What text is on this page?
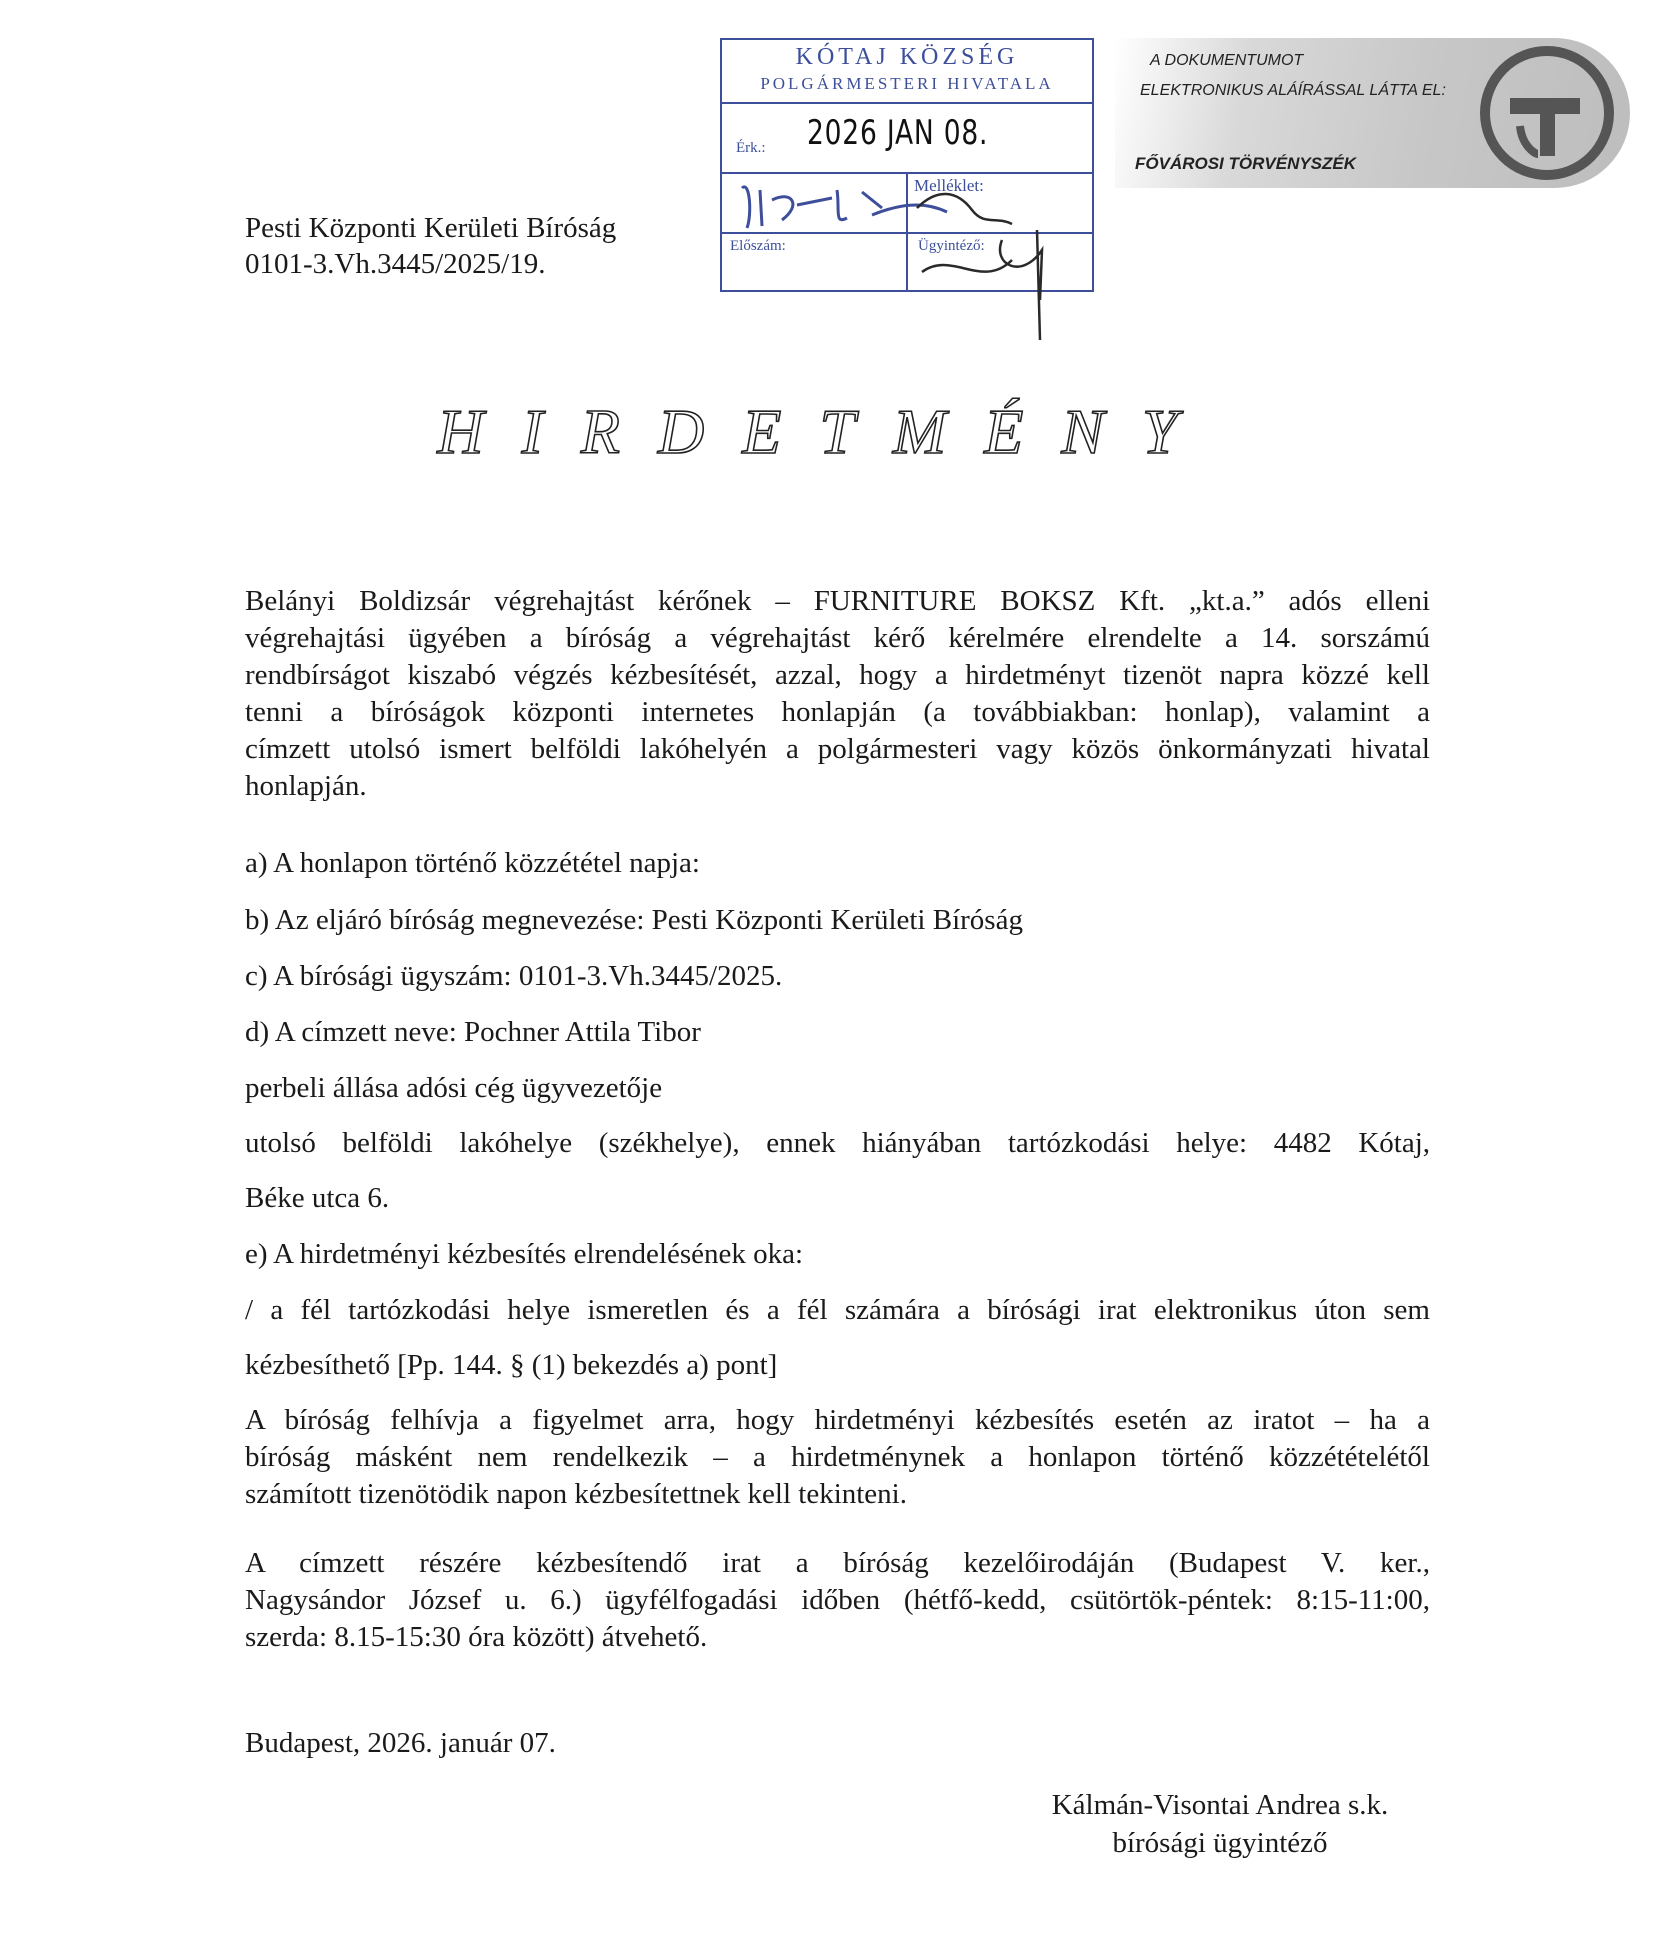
Pesti Központi Kerületi Bíróság
0101-3.Vh.3445/2025/19.
KÓTAJ KÖZSÉG
POLGÁRMESTERI HIVATALA
Érk.: 2026 JAN 08.
Melléklet:
Előszám:	Ügyintéző:
A DOKUMENTUMOT
ELEKTRONIKUS ALÁÍRÁSSAL LÁTTA EL:
FŐVÁROSI TÖRVÉNYSZÉK
HIRDETMÉNY
Belányi Boldizsár végrehajtást kérőnek – FURNITURE BOKSZ Kft. „kt.a.” adós elleni
végrehajtási ügyében a bíróság a végrehajtást kérő kérelmére elrendelte a 14. sorszámú
rendbírságot kiszabó végzés kézbesítését, azzal, hogy a hirdetményt tizenöt napra közzé kell
tenni a bíróságok központi internetes honlapján (a továbbiakban: honlap), valamint a
címzett utolsó ismert belföldi lakóhelyén a polgármesteri vagy közös önkormányzati hivatal
honlapján.
a) A honlapon történő közzététel napja:
b) Az eljáró bíróság megnevezése: Pesti Központi Kerületi Bíróság
c) A bírósági ügyszám: 0101-3.Vh.3445/2025.
d) A címzett neve: Pochner Attila Tibor
perbeli állása adósi cég ügyvezetője
utolsó belföldi lakóhelye (székhelye), ennek hiányában tartózkodási helye: 4482 Kótaj,
Béke utca 6.
e) A hirdetményi kézbesítés elrendelésének oka:
/ a fél tartózkodási helye ismeretlen és a fél számára a bírósági irat elektronikus úton sem
kézbesíthető [Pp. 144. § (1) bekezdés a) pont]
A bíróság felhívja a figyelmet arra, hogy hirdetményi kézbesítés esetén az iratot – ha a
bíróság másként nem rendelkezik – a hirdetménynek a honlapon történő közzétételétől
számított tizenötödik napon kézbesítettnek kell tekinteni.
A címzett részére kézbesítendő irat a bíróság kezelőirodáján (Budapest V. ker.,
Nagysándor József u. 6.) ügyfélfogadási időben (hétfő-kedd, csütörtök-péntek: 8:15-11:00,
szerda: 8.15-15:30 óra között) átvehető.
Budapest, 2026. január 07.
Kálmán-Visontai Andrea s.k.
bírósági ügyintéző
